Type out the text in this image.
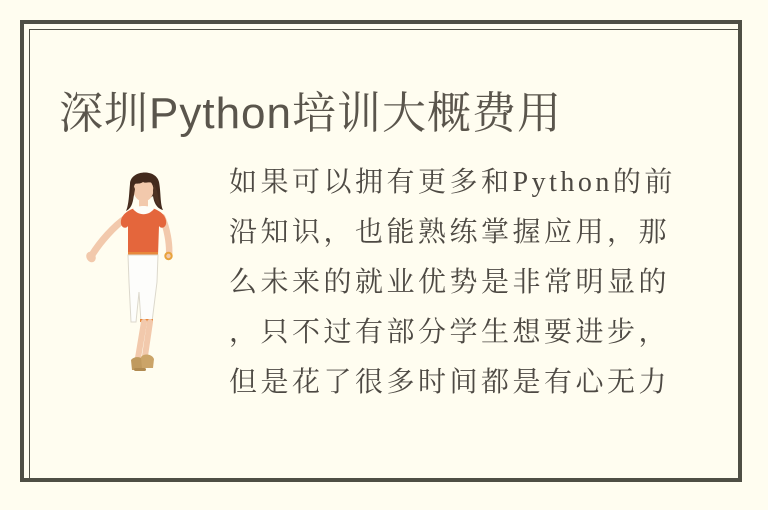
深圳Python培训大概费用
如果可以拥有更多和Python的前
沿知识，也能熟练掌握应用，那
么未来的就业优势是非常明显的
，只不过有部分学生想要进步，
但是花了很多时间都是有心无力
